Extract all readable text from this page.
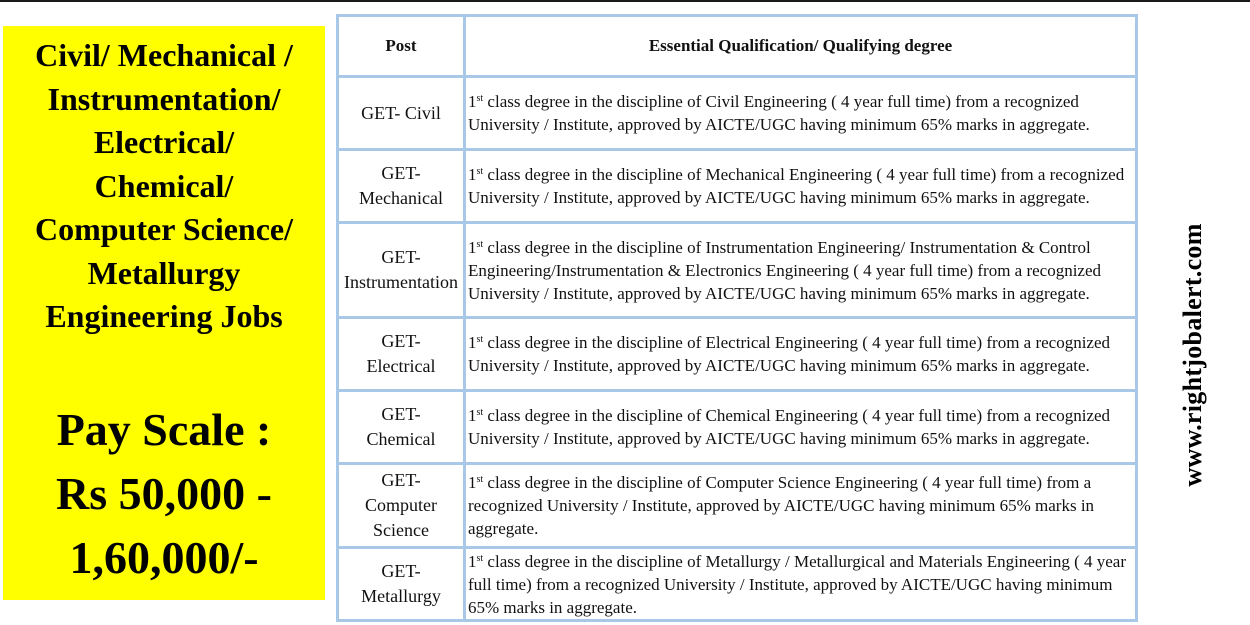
Civil/ Mechanical /
Instrumentation/
Electrical/
Chemical/
Computer Science/
Metallurgy
Engineering Jobs
Pay Scale :
Rs 50,000 -
1,60,000/-
Post	Essential Qualification/ Qualifying degree

GET- Civil	1st class degree in the discipline of Civil Engineering ( 4 year full time) from a recognized University / Institute, approved by AICTE/UGC having minimum 65% marks in aggregate.

GET-
Mechanical	1st class degree in the discipline of Mechanical Engineering ( 4 year full time) from a recognized University / Institute, approved by AICTE/UGC having minimum 65% marks in aggregate.

GET-
Instrumentation	1st class degree in the discipline of Instrumentation Engineering/ Instrumentation & Control Engineering/Instrumentation & Electronics Engineering ( 4 year full time) from a recognized University / Institute, approved by AICTE/UGC having minimum 65% marks in aggregate.

GET-
Electrical	1st class degree in the discipline of Electrical Engineering ( 4 year full time) from a recognized University / Institute, approved by AICTE/UGC having minimum 65% marks in aggregate.

GET-
Chemical	1st class degree in the discipline of Chemical Engineering ( 4 year full time) from a recognized University / Institute, approved by AICTE/UGC having minimum 65% marks in aggregate.

GET-
Computer
Science	1st class degree in the discipline of Computer Science Engineering ( 4 year full time) from a recognized University / Institute, approved by AICTE/UGC having minimum 65% marks in aggregate.

GET-
Metallurgy	1st class degree in the discipline of Metallurgy / Metallurgical and Materials Engineering ( 4 year full time) from a recognized University / Institute, approved by AICTE/UGC having minimum 65% marks in aggregate.
www.rightjobalert.com
